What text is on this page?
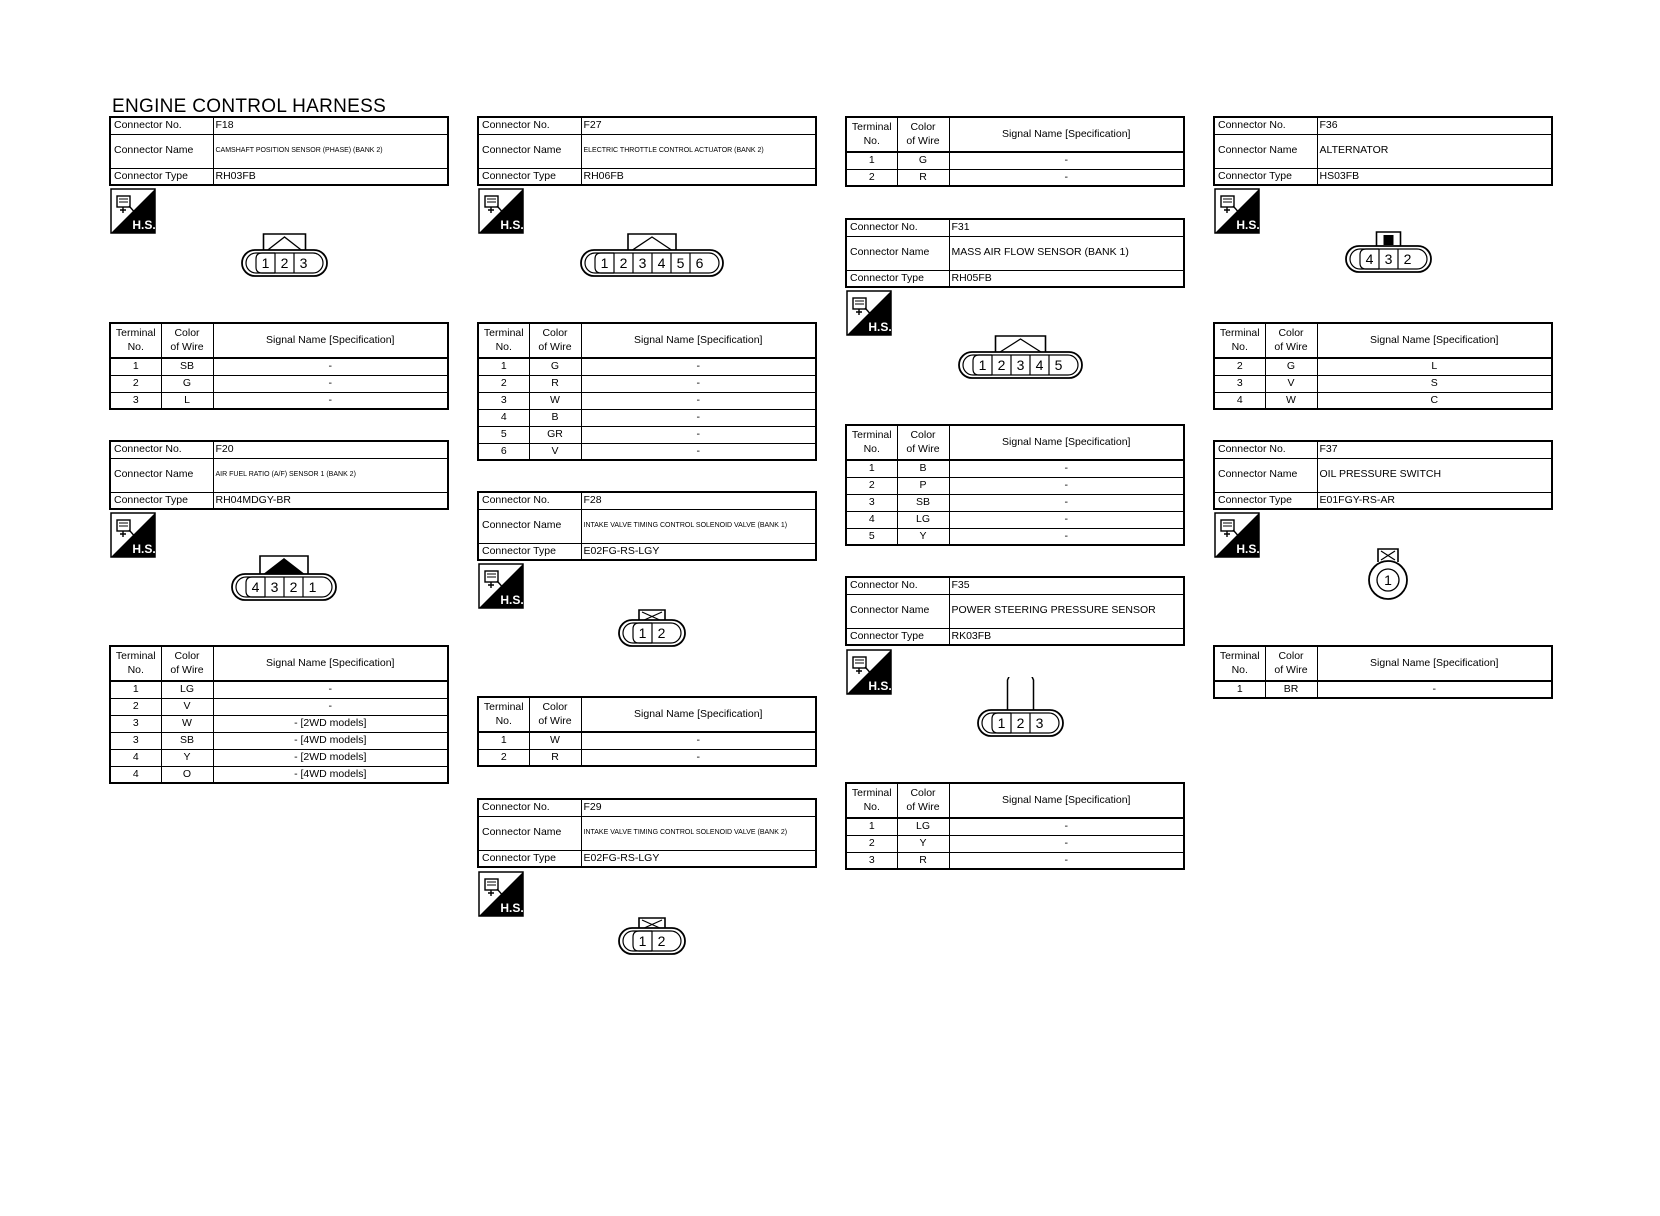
ENGINE CONTROL HARNESS
Connector No.	F18
Connector Name	CAMSHAFT POSITION SENSOR (PHASE) (BANK 2)
Connector Type	RH03FB
H.S.
1 2 3
Terminal
No.	Color
of Wire	Signal Name [Specification]
1	SB	-
2	G	-
3	L	-
Connector No.	F20
Connector Name	AIR FUEL RATIO (A/F) SENSOR 1 (BANK 2)
Connector Type	RH04MDGY-BR
H.S.
4 3 2 1
Terminal
No.	Color
of Wire	Signal Name [Specification]
1	LG	-
2	V	-
3	W	- [2WD models]
3	SB	- [4WD models]
4	Y	- [2WD models]
4	O	- [4WD models]
Connector No.	F27
Connector Name	ELECTRIC THROTTLE CONTROL ACTUATOR (BANK 2)
Connector Type	RH06FB
H.S.
1 2 3 4 5 6
Terminal
No.	Color
of Wire	Signal Name [Specification]
1	G	-
2	R	-
3	W	-
4	B	-
5	GR	-
6	V	-
Connector No.	F28
Connector Name	INTAKE VALVE TIMING CONTROL SOLENOID VALVE (BANK 1)
Connector Type	E02FG-RS-LGY
H.S.
1 2
Terminal
No.	Color
of Wire	Signal Name [Specification]
1	W	-
2	R	-
Connector No.	F29
Connector Name	INTAKE VALVE TIMING CONTROL SOLENOID VALVE (BANK 2)
Connector Type	E02FG-RS-LGY
H.S.
1 2
Terminal
No.	Color
of Wire	Signal Name [Specification]
1	G	-
2	R	-
Connector No.	F31
Connector Name	MASS AIR FLOW SENSOR (BANK 1)
Connector Type	RH05FB
H.S.
1 2 3 4 5
Terminal
No.	Color
of Wire	Signal Name [Specification]
1	B	-
2	P	-
3	SB	-
4	LG	-
5	Y	-
Connector No.	F35
Connector Name	POWER STEERING PRESSURE SENSOR
Connector Type	RK03FB
H.S.
1 2 3
Terminal
No.	Color
of Wire	Signal Name [Specification]
1	LG	-
2	Y	-
3	R	-
Connector No.	F36
Connector Name	ALTERNATOR
Connector Type	HS03FB
H.S.
4 3 2
Terminal
No.	Color
of Wire	Signal Name [Specification]
2	G	L
3	V	S
4	W	C
Connector No.	F37
Connector Name	OIL PRESSURE SWITCH
Connector Type	E01FGY-RS-AR
H.S.
1
Terminal
No.	Color
of Wire	Signal Name [Specification]
1	BR	-
